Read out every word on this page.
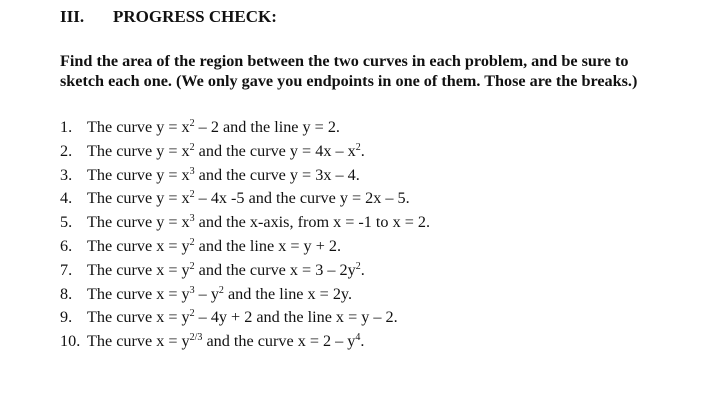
III. PROGRESS CHECK:
Find the area of the region between the two curves in each problem, and be sure to
sketch each one. (We only gave you endpoints in one of them. Those are the breaks.)
1. The curve $y = x^2 - 2$ and the line y = 2.
2. The curve $y = x^2$ and the curve $y = 4x - x^2$.
3. The curve $y = x^3$ and the curve y = 3x – 4.
4. The curve $y = x^2 - 4x$ -5 and the curve y = 2x – 5.
5. The curve $y = x^3$ and the x-axis, from x = -1 to x = 2.
6. The curve $x = y^2$ and the line x = y + 2.
7. The curve $x = y^2$ and the curve $x = 3 - 2y^2$.
8. The curve $x = y^3 - y^2$ and the line x = 2y.
9. The curve $x = y^2 - 4y + 2$ and the line x = y – 2.
10. The curve $x = y^{2/3}$ and the curve $x = 2 - y^4$.
